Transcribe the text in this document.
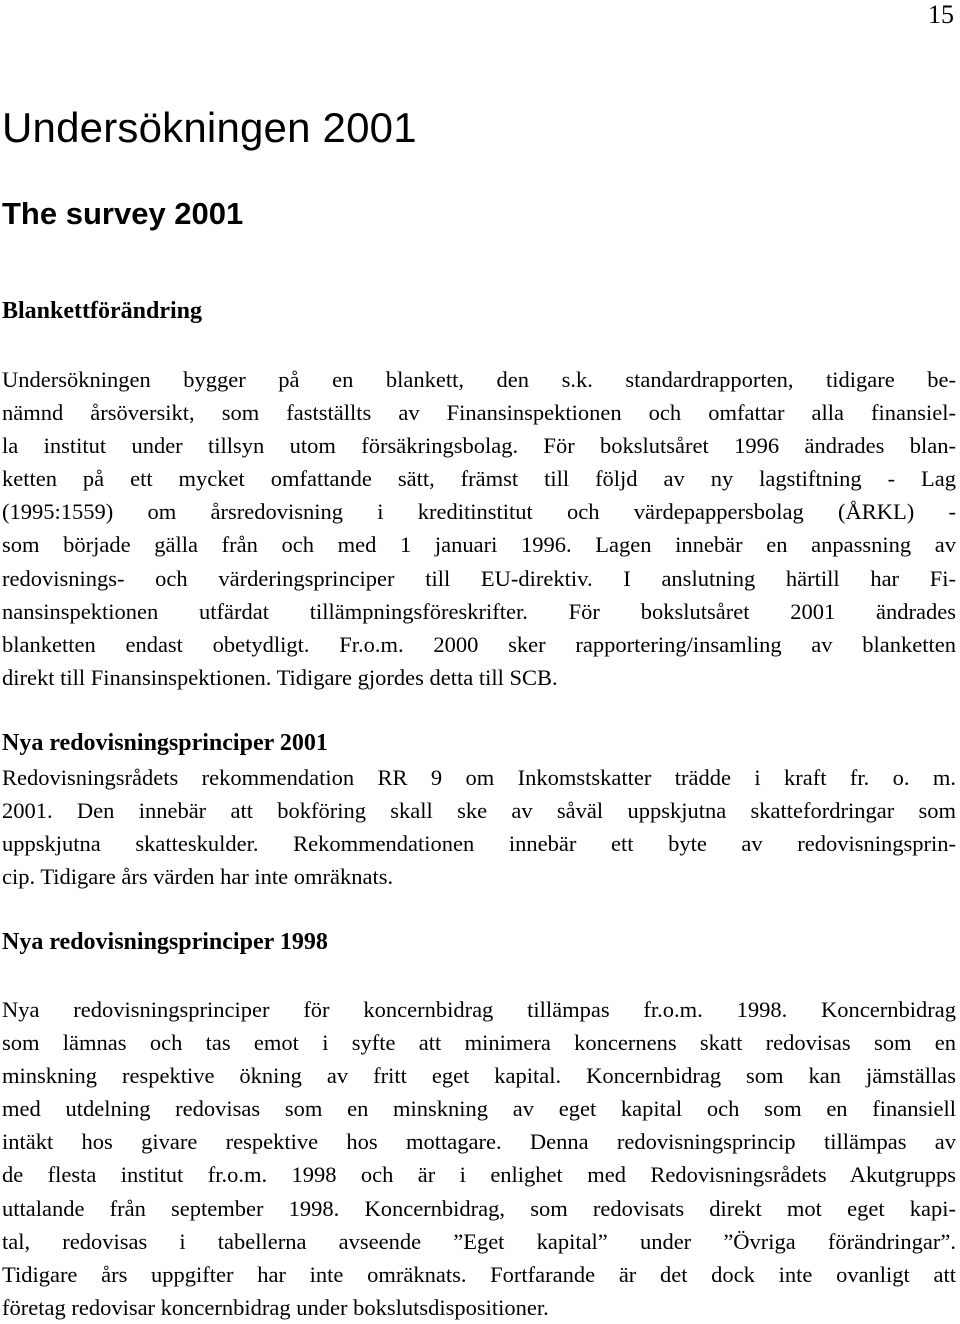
15
Undersökningen 2001
The survey 2001
Blankettförändring
Undersökningen bygger på en blankett, den s.k. standardrapporten, tidigare be-
nämnd årsöversikt, som fastställts av Finansinspektionen och omfattar alla finansiel-
la institut under tillsyn utom försäkringsbolag. För bokslutsåret 1996 ändrades blan-
ketten på ett mycket omfattande sätt, främst till följd av ny lagstiftning - Lag
(1995:1559) om årsredovisning i kreditinstitut och värdepappersbolag (ÅRKL) -
som började gälla från och med 1 januari 1996. Lagen innebär en anpassning av
redovisnings- och värderingsprinciper till EU-direktiv. I anslutning härtill har Fi-
nansinspektionen utfärdat tillämpningsföreskrifter. För bokslutsåret 2001 ändrades
blanketten endast obetydligt. Fr.o.m. 2000 sker rapportering/insamling av blanketten
direkt till Finansinspektionen. Tidigare gjordes detta till SCB.
Nya redovisningsprinciper 2001
Redovisningsrådets rekommendation RR 9 om Inkomstskatter trädde i kraft fr. o. m.
2001. Den innebär att bokföring skall ske av såväl uppskjutna skattefordringar som
uppskjutna skatteskulder. Rekommendationen innebär ett byte av redovisningsprin-
cip. Tidigare års värden har inte omräknats.
Nya redovisningsprinciper 1998
Nya redovisningsprinciper för koncernbidrag tillämpas fr.o.m. 1998. Koncernbidrag
som lämnas och tas emot i syfte att minimera koncernens skatt redovisas som en
minskning respektive ökning av fritt eget kapital. Koncernbidrag som kan jämställas
med utdelning redovisas som en minskning av eget kapital och som en finansiell
intäkt hos givare respektive hos mottagare. Denna redovisningsprincip tillämpas av
de flesta institut fr.o.m. 1998 och är i enlighet med Redovisningsrådets Akutgrupps
uttalande från september 1998. Koncernbidrag, som redovisats direkt mot eget kapi-
tal, redovisas i tabellerna avseende ”Eget kapital” under ”Övriga förändringar”.
Tidigare års uppgifter har inte omräknats. Fortfarande är det dock inte ovanligt att
företag redovisar koncernbidrag under bokslutsdispositioner.
